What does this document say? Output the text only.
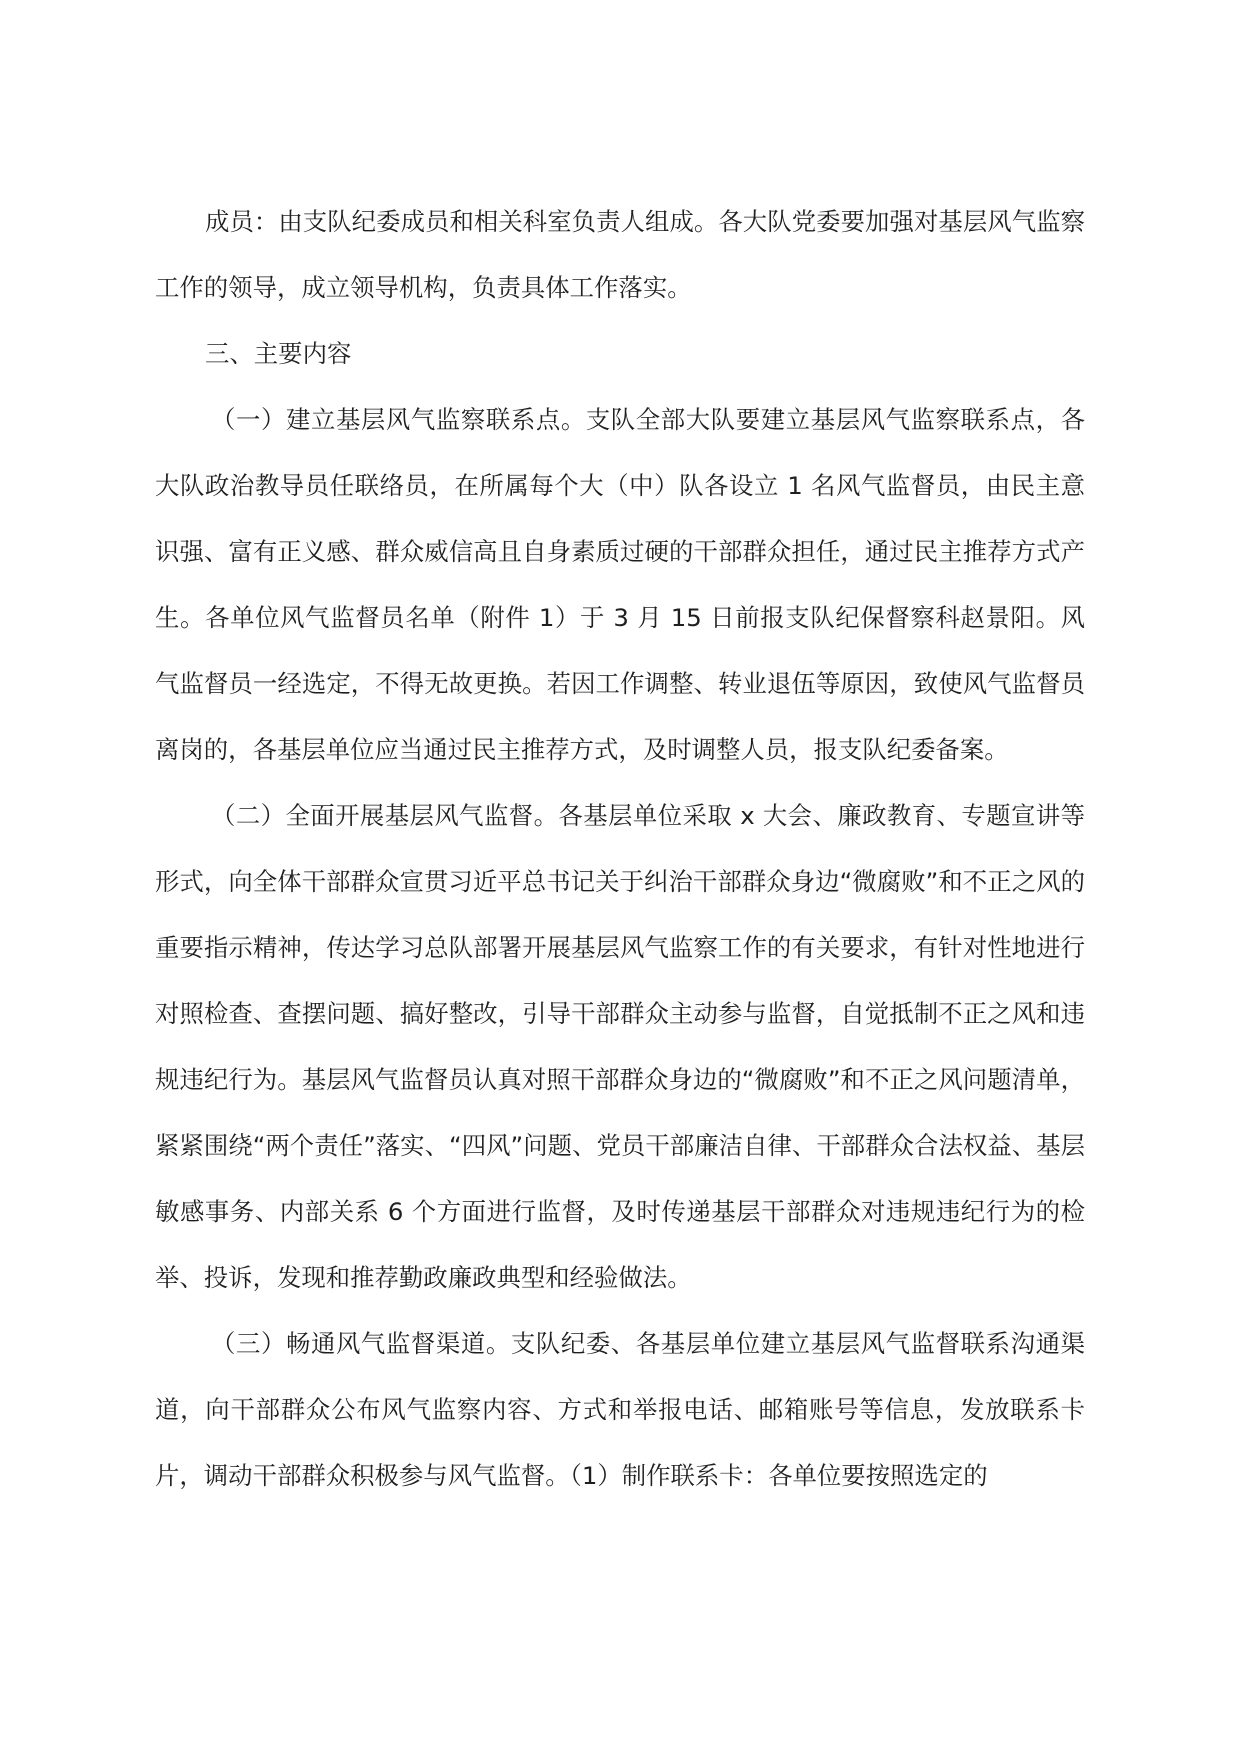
成员：由支队纪委成员和相关科室负责人组成。各大队党委要加强对基层风气监察工作的领导，成立领导机构，负责具体工作落实。

三、主要内容

（一）建立基层风气监察联系点。支队全部大队要建立基层风气监察联系点，各大队政治教导员任联络员，在所属每个大（中）队各设立 1 名风气监督员，由民主意识强、富有正义感、群众威信高且自身素质过硬的干部群众担任，通过民主推荐方式产生。各单位风气监督员名单（附件 1）于 3 月 15 日前报支队纪保督察科赵景阳。风气监督员一经选定，不得无故更换。若因工作调整、转业退伍等原因，致使风气监督员离岗的，各基层单位应当通过民主推荐方式，及时调整人员，报支队纪委备案。

（二）全面开展基层风气监督。各基层单位采取 x 大会、廉政教育、专题宣讲等形式，向全体干部群众宣贯习近平总书记关于纠治干部群众身边“微腐败”和不正之风的重要指示精神，传达学习总队部署开展基层风气监察工作的有关要求，有针对性地进行对照检查、查摆问题、搞好整改，引导干部群众主动参与监督，自觉抵制不正之风和违规违纪行为。基层风气监督员认真对照干部群众身边的“微腐败”和不正之风问题清单，紧紧围绕“两个责任”落实、“四风”问题、党员干部廉洁自律、干部群众合法权益、基层敏感事务、内部关系 6 个方面进行监督，及时传递基层干部群众对违规违纪行为的检举、投诉，发现和推荐勤政廉政典型和经验做法。

（三）畅通风气监督渠道。支队纪委、各基层单位建立基层风气监督联系沟通渠道，向干部群众公布风气监察内容、方式和举报电话、邮箱账号等信息，发放联系卡片，调动干部群众积极参与风气监督。（1）制作联系卡：各单位要按照选定的
